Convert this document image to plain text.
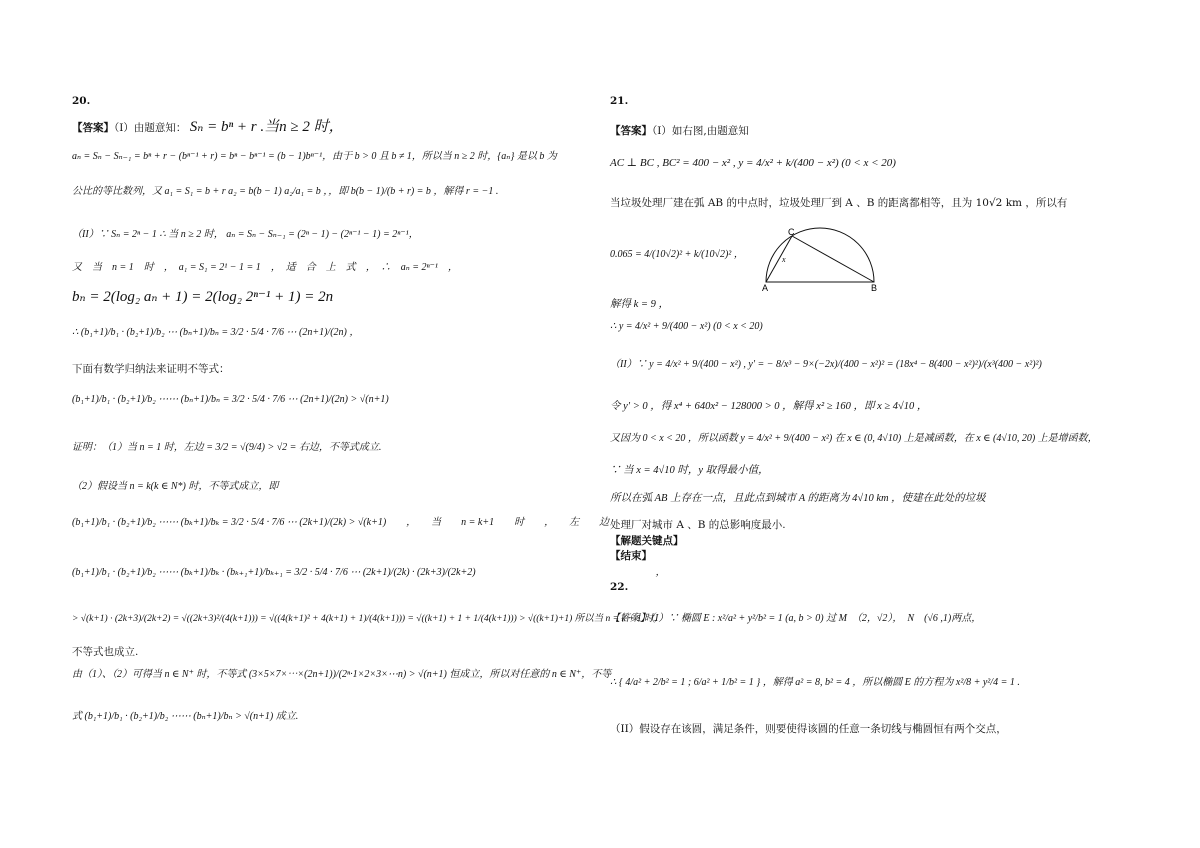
20.
【答案】（I）由题意知： Sₙ = bⁿ + r .当n ≥ 2 时，
aₙ = Sₙ − Sₙ₋₁ = bⁿ + r − (bⁿ⁻¹ + r) = bⁿ − bⁿ⁻¹ = (b − 1)bⁿ⁻¹，由于 b > 0 且 b ≠ 1，所以当 n ≥ 2 时，{aₙ} 是以 b 为
公比的等比数列，又 a₁ = S₁ = b + r a₂ = b(b − 1) a₂/a₁ = b ，，即 b(b − 1)/(b + r) = b ，解得 r = −1 .
（II）∵ Sₙ = 2ⁿ − 1 ∴ 当 n ≥ 2 时， aₙ = Sₙ − Sₙ₋₁ = (2ⁿ − 1) − (2ⁿ⁻¹ − 1) = 2ⁿ⁻¹，
又　当　n = 1　时　，　a₁ = S₁ = 2¹ − 1 = 1　，　适　合　上　式　，　∴　aₙ = 2ⁿ⁻¹　，
bₙ = 2(log₂ aₙ + 1) = 2(log₂ 2ⁿ⁻¹ + 1) = 2n
∴ (b₁+1)/b₁ · (b₂+1)/b₂ ⋯ (bₙ+1)/bₙ = 3/2 · 5/4 · 7/6 ⋯ (2n+1)/(2n) ，
下面有数学归纳法来证明不等式：
(b₁+1)/b₁ · (b₂+1)/b₂ ⋯⋯ (bₙ+1)/bₙ = 3/2 · 5/4 · 7/6 ⋯ (2n+1)/(2n) > √(n+1)
证明：（1）当 n = 1 时，左边 = 3/2 = √(9/4) > √2 = 右边，不等式成立.
（2）假设当 n = k(k ∈ N*) 时，不等式成立，即
(b₁+1)/b₁ · (b₂+1)/b₂ ⋯⋯ (bₖ+1)/bₖ = 3/2 · 5/4 · 7/6 ⋯ (2k+1)/(2k) > √(k+1)　　，　　当　　n = k+1　　时　　，　　左　　边
(b₁+1)/b₁ · (b₂+1)/b₂ ⋯⋯ (bₖ+1)/bₖ · (bₖ₊₁+1)/bₖ₊₁ = 3/2 · 5/4 · 7/6 ⋯ (2k+1)/(2k) · (2k+3)/(2k+2)　　　　　　　　　　　　　　　　　　，
> √(k+1) · (2k+3)/(2k+2) = √((2k+3)²/(4(k+1))) = √((4(k+1)² + 4(k+1) + 1)/(4(k+1))) = √((k+1) + 1 + 1/(4(k+1))) > √((k+1)+1) 所以当 n = k + 1 时，
不等式也成立.
由（1）、（2）可得当 n ∈ N⁺ 时，不等式 (3×5×7×⋯×(2n+1))/(2ⁿ·1×2×3×⋯n) > √(n+1) 恒成立，所以对任意的 n ∈ N⁺，不等
式 (b₁+1)/b₁ · (b₂+1)/b₂ ⋯⋯ (bₙ+1)/bₙ > √(n+1) 成立.
21.
【答案】（I）如右图,由题意知
AC ⊥ BC , BC² = 400 − x² , y = 4/x² + k/(400 − x²) (0 < x < 20)
当垃圾处理厂建在弧 AB 的中点时，垃圾处理厂到 A 、B 的距离都相等，且为 10√2 km ，所以有
0.065 = 4/(10√2)² + k/(10√2)² ，
解得 k = 9 ，
∴ y = 4/x² + 9/(400 − x²) (0 < x < 20)
（II）∵ y = 4/x² + 9/(400 − x²) , y′ = − 8/x³ − 9×(−2x)/(400 − x²)² = (18x⁴ − 8(400 − x²)²)/(x³(400 − x²)²)
令 y′ > 0 ，得 x⁴ + 640x² − 128000 > 0 ，解得 x² ≥ 160 ，即 x ≥ 4√10 ，
又因为 0 < x < 20 ，所以函数 y = 4/x² + 9/(400 − x²) 在 x ∈ (0, 4√10) 上是减函数，在 x ∈ (4√10, 20) 上是增函数，
∵ 当 x = 4√10 时，y 取得最小值，
所以在弧 AB 上存在一点，且此点到城市 A 的距离为 4√10 km ，使建在此处的垃圾
处理厂对城市 A 、B 的总影响度最小.
【解题关键点】
【结束】
22.
【答案】（I）∵ 椭圆 E : x²/a² + y²/b² = 1 (a, b > 0) 过 M　（2，√2），　N　(√6 ,1)两点，
∴ { 4/a² + 2/b² = 1 ; 6/a² + 1/b² = 1 } ，解得 a² = 8, b² = 4 ，所以椭圆 E 的方程为 x²/8 + y²/4 = 1 .
（II）假设存在该圆，满足条件，则要使得该圆的任意一条切线与椭圆恒有两个交点，
C
A	B
x
